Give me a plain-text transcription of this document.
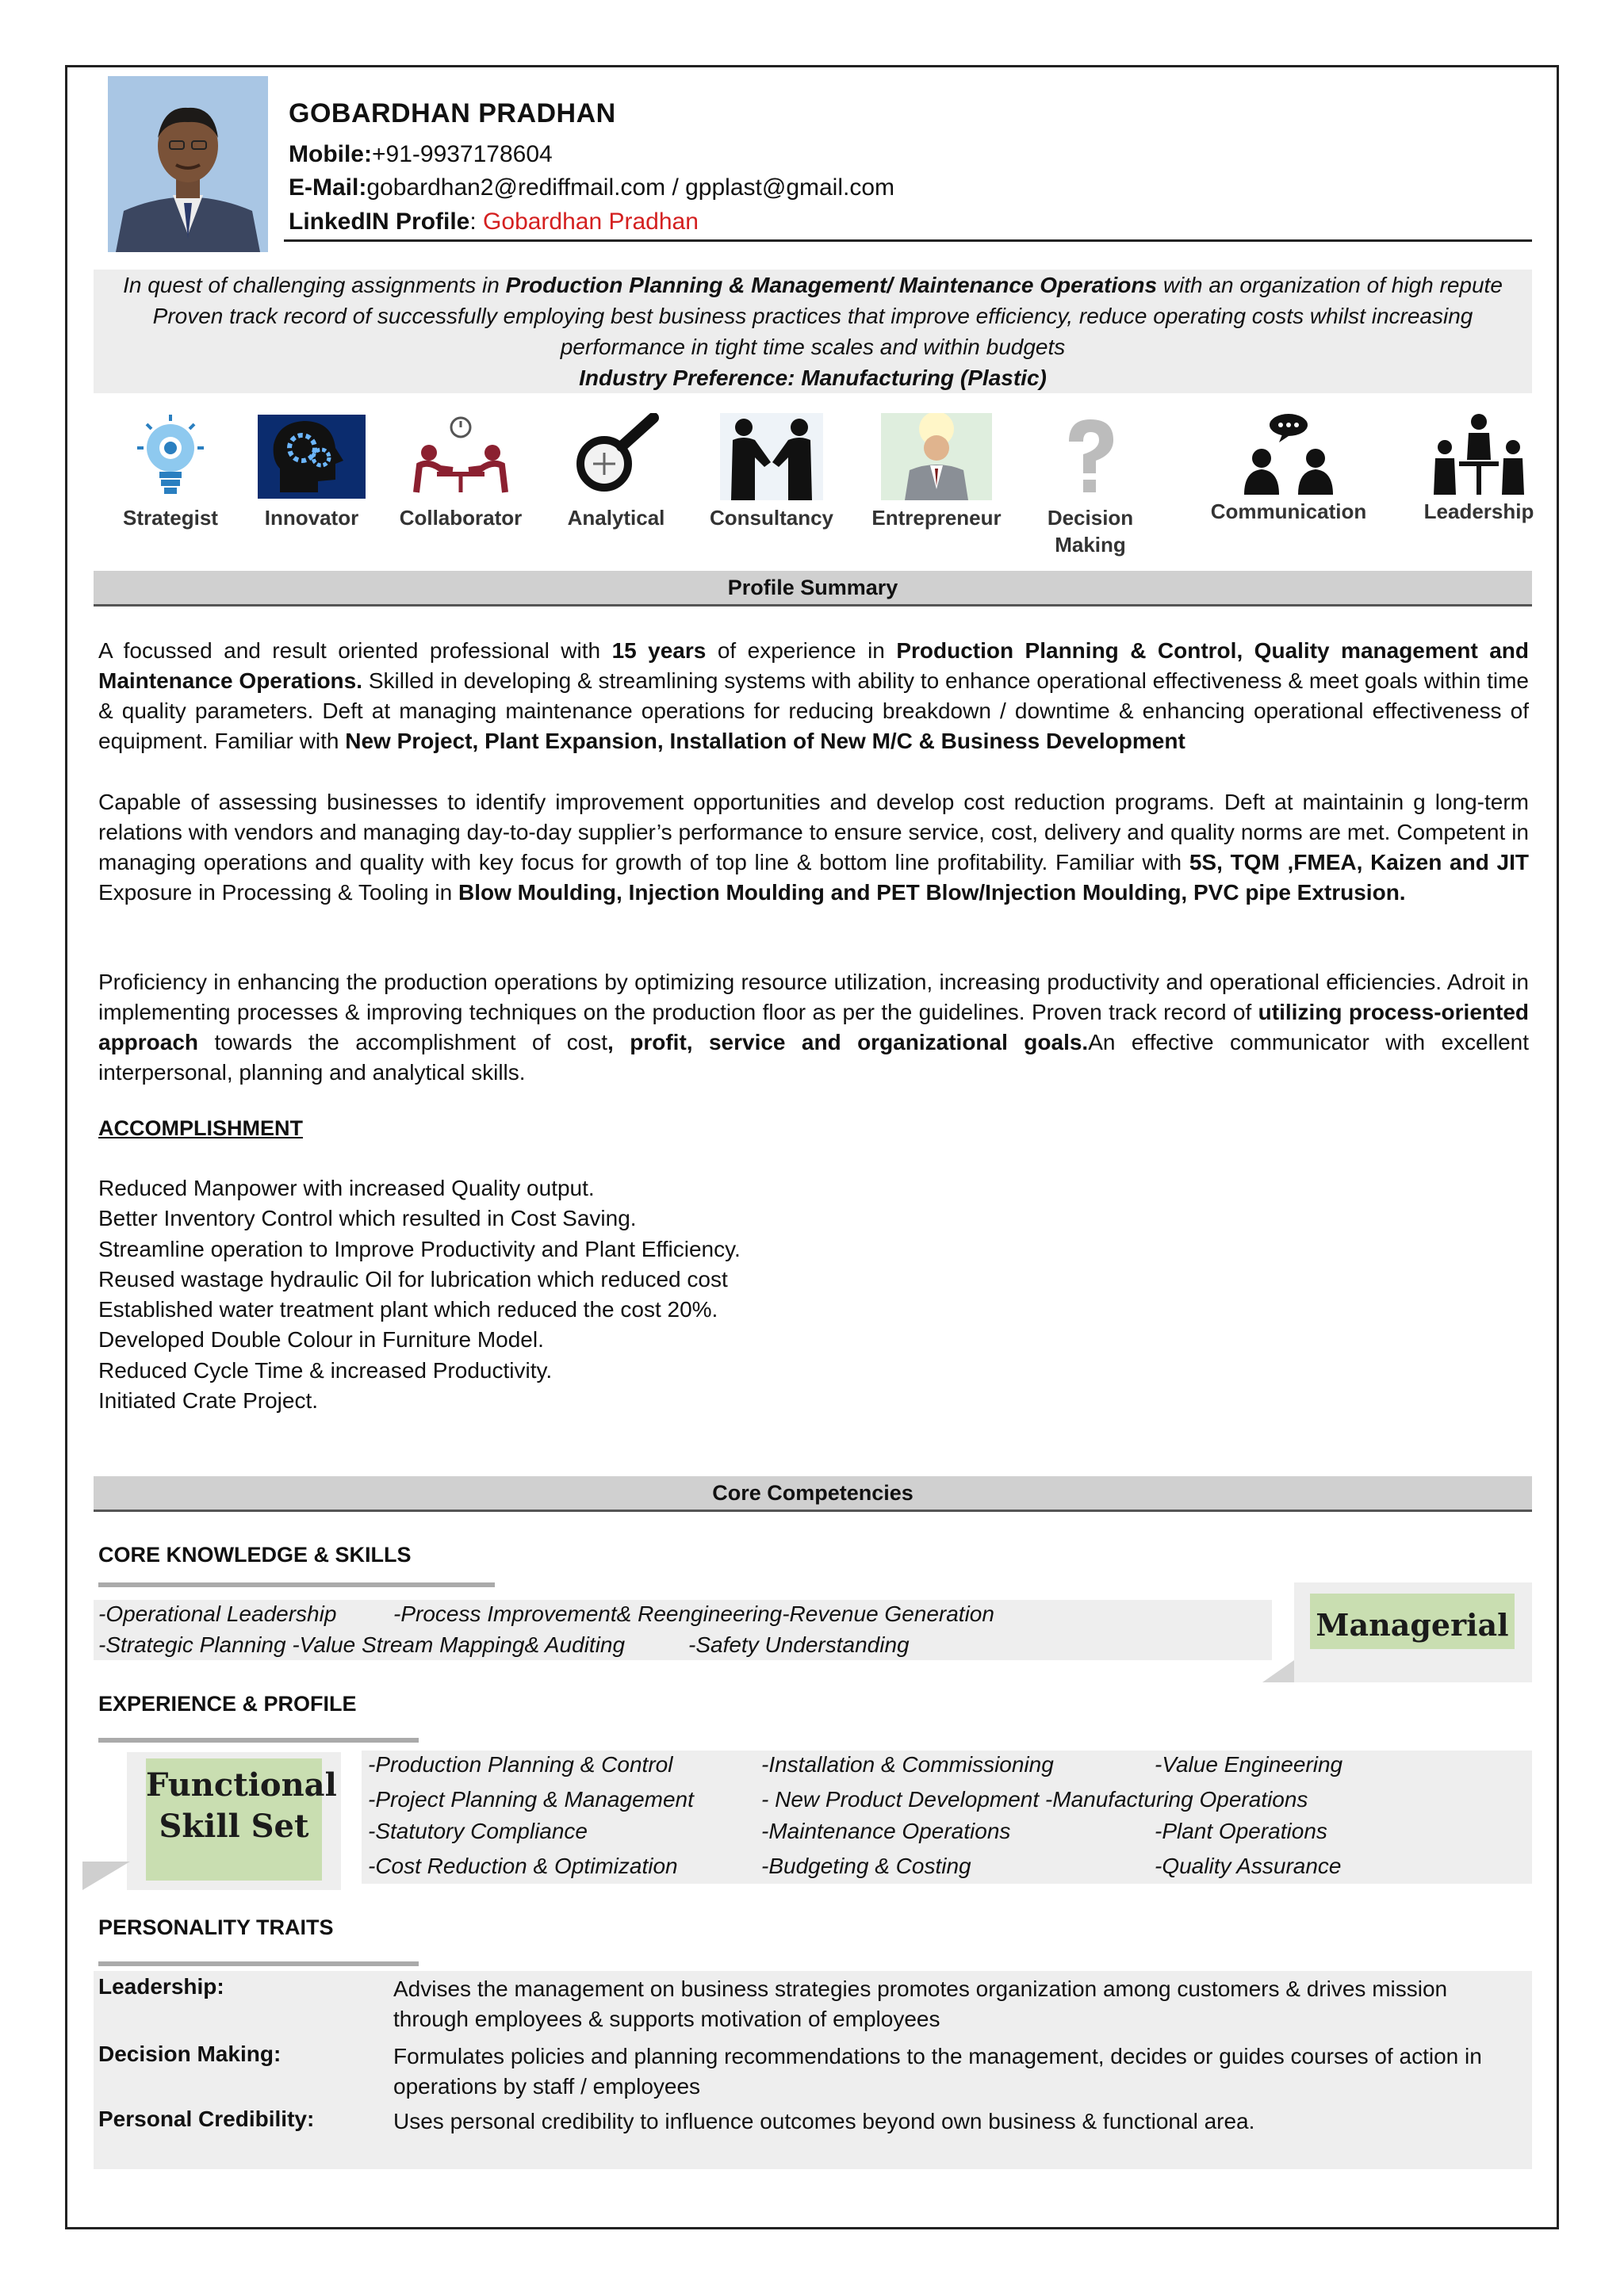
GOBARDHAN PRADHAN
Mobile:+91-9937178604
E-Mail:gobardhan2@rediffmail.com / gpplast@gmail.com
LinkedIN Profile: Gobardhan Pradhan
In quest of challenging assignments in Production Planning & Management/ Maintenance Operations with an organization of high repute
Proven track record of successfully employing best business practices that improve efficiency, reduce operating costs whilst increasing
performance in tight time scales and within budgets
Industry Preference: Manufacturing (Plastic)
Strategist	Innovator	Collaborator	Analytical	Consultancy Entrepreneur	Decision
Making
Communication	Leadership
Profile Summary
A focussed and result oriented professional with 15 years of experience in Production Planning & Control, Quality management and Maintenance Operations. Skilled in developing & streamlining systems with ability to enhance operational effectiveness & meet goals within time & quality parameters. Deft at managing maintenance operations for reducing breakdown / downtime & enhancing operational effectiveness of equipment. Familiar with New Project, Plant Expansion, Installation of New M/C & Business Development
Capable of assessing businesses to identify improvement opportunities and develop cost reduction programs. Deft at maintainin g long-term relations with vendors and managing day-to-day supplier’s performance to ensure service, cost, delivery and quality norms are met. Competent in managing operations and quality with key focus for growth of top line & bottom line profitability. Familiar with 5S, TQM ,FMEA, Kaizen and JIT Exposure in Processing & Tooling in Blow Moulding, Injection Moulding and PET Blow/Injection Moulding, PVC pipe Extrusion.
Proficiency in enhancing the production operations by optimizing resource utilization, increasing productivity and operational efficiencies. Adroit in implementing processes & improving techniques on the production floor as per the guidelines. Proven track record of utilizing process-oriented approach towards the accomplishment of cost, profit, service and organizational goals.An effective communicator with excellent interpersonal, planning and analytical skills.
ACCOMPLISHMENT
Reduced Manpower with increased Quality output.
Better Inventory Control which resulted in Cost Saving.
Streamline operation to Improve Productivity and Plant Efficiency.
Reused wastage hydraulic Oil for lubrication which reduced cost
Established water treatment plant which reduced the cost 20%.
Developed Double Colour in Furniture Model.
Reduced Cycle Time & increased Productivity.
Initiated Crate Project.
Core Competencies
CORE KNOWLEDGE & SKILLS
-Operational Leadership	-Process Improvement& Reengineering-Revenue Generation
-Strategic Planning -Value Stream Mapping& Auditing	-Safety Understanding
Managerial
EXPERIENCE & PROFILE
Functional
Skill Set
-Production Planning & Control	-Installation & Commissioning	-Value Engineering
-Project Planning & Management	- New Product Development -Manufacturing Operations
-Statutory Compliance	-Maintenance Operations	-Plant Operations
-Cost Reduction & Optimization	-Budgeting & Costing	-Quality Assurance
PERSONALITY TRAITS
Leadership:	Advises the management on business strategies promotes organization among customers & drives mission through employees & supports motivation of employees
Decision Making:	Formulates policies and planning recommendations to the management, decides or guides courses of action in operations by staff / employees
Personal Credibility:	Uses personal credibility to influence outcomes beyond own business & functional area.
